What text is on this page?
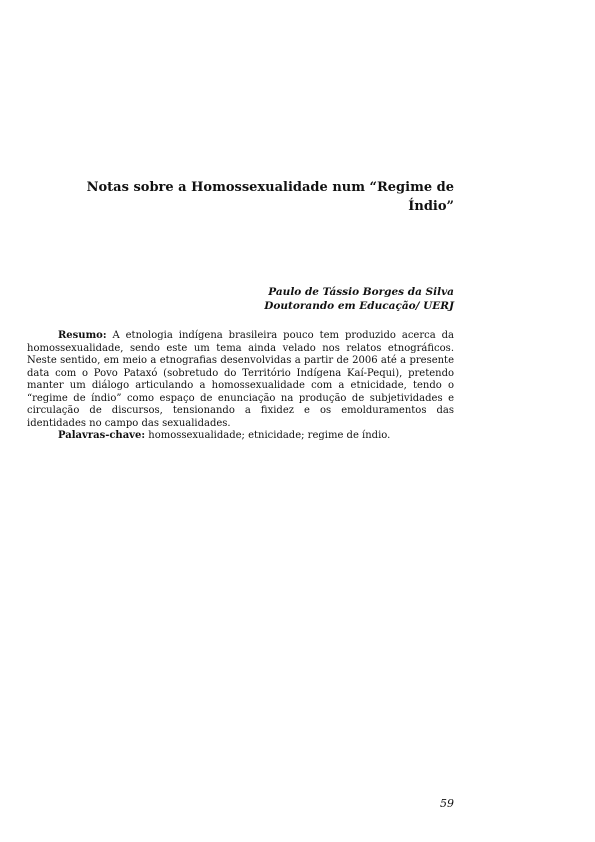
Notas sobre a Homossexualidade num “Regime de
Índio”
Paulo de Tássio Borges da Silva
Doutorando em Educação/ UERJ

Resumo: A etnologia indígena brasileira pouco tem produzido acerca da homossexualidade, sendo este um tema ainda velado nos relatos etnográficos. Neste sentido, em meio a etnografias desenvolvidas a partir de 2006 até a presente data com o Povo Pataxó (sobretudo do Território Indígena Kaí-Pequi), pretendo manter um diálogo articulando a homossexualidade com a etnicidade, tendo o “regime de índio” como espaço de enunciação na produção de subjetividades e circulação de discursos, tensionando a fixidez e os emolduramentos das identidades no campo das sexualidades.

Palavras-chave: homossexualidade; etnicidade; regime de índio.

59
